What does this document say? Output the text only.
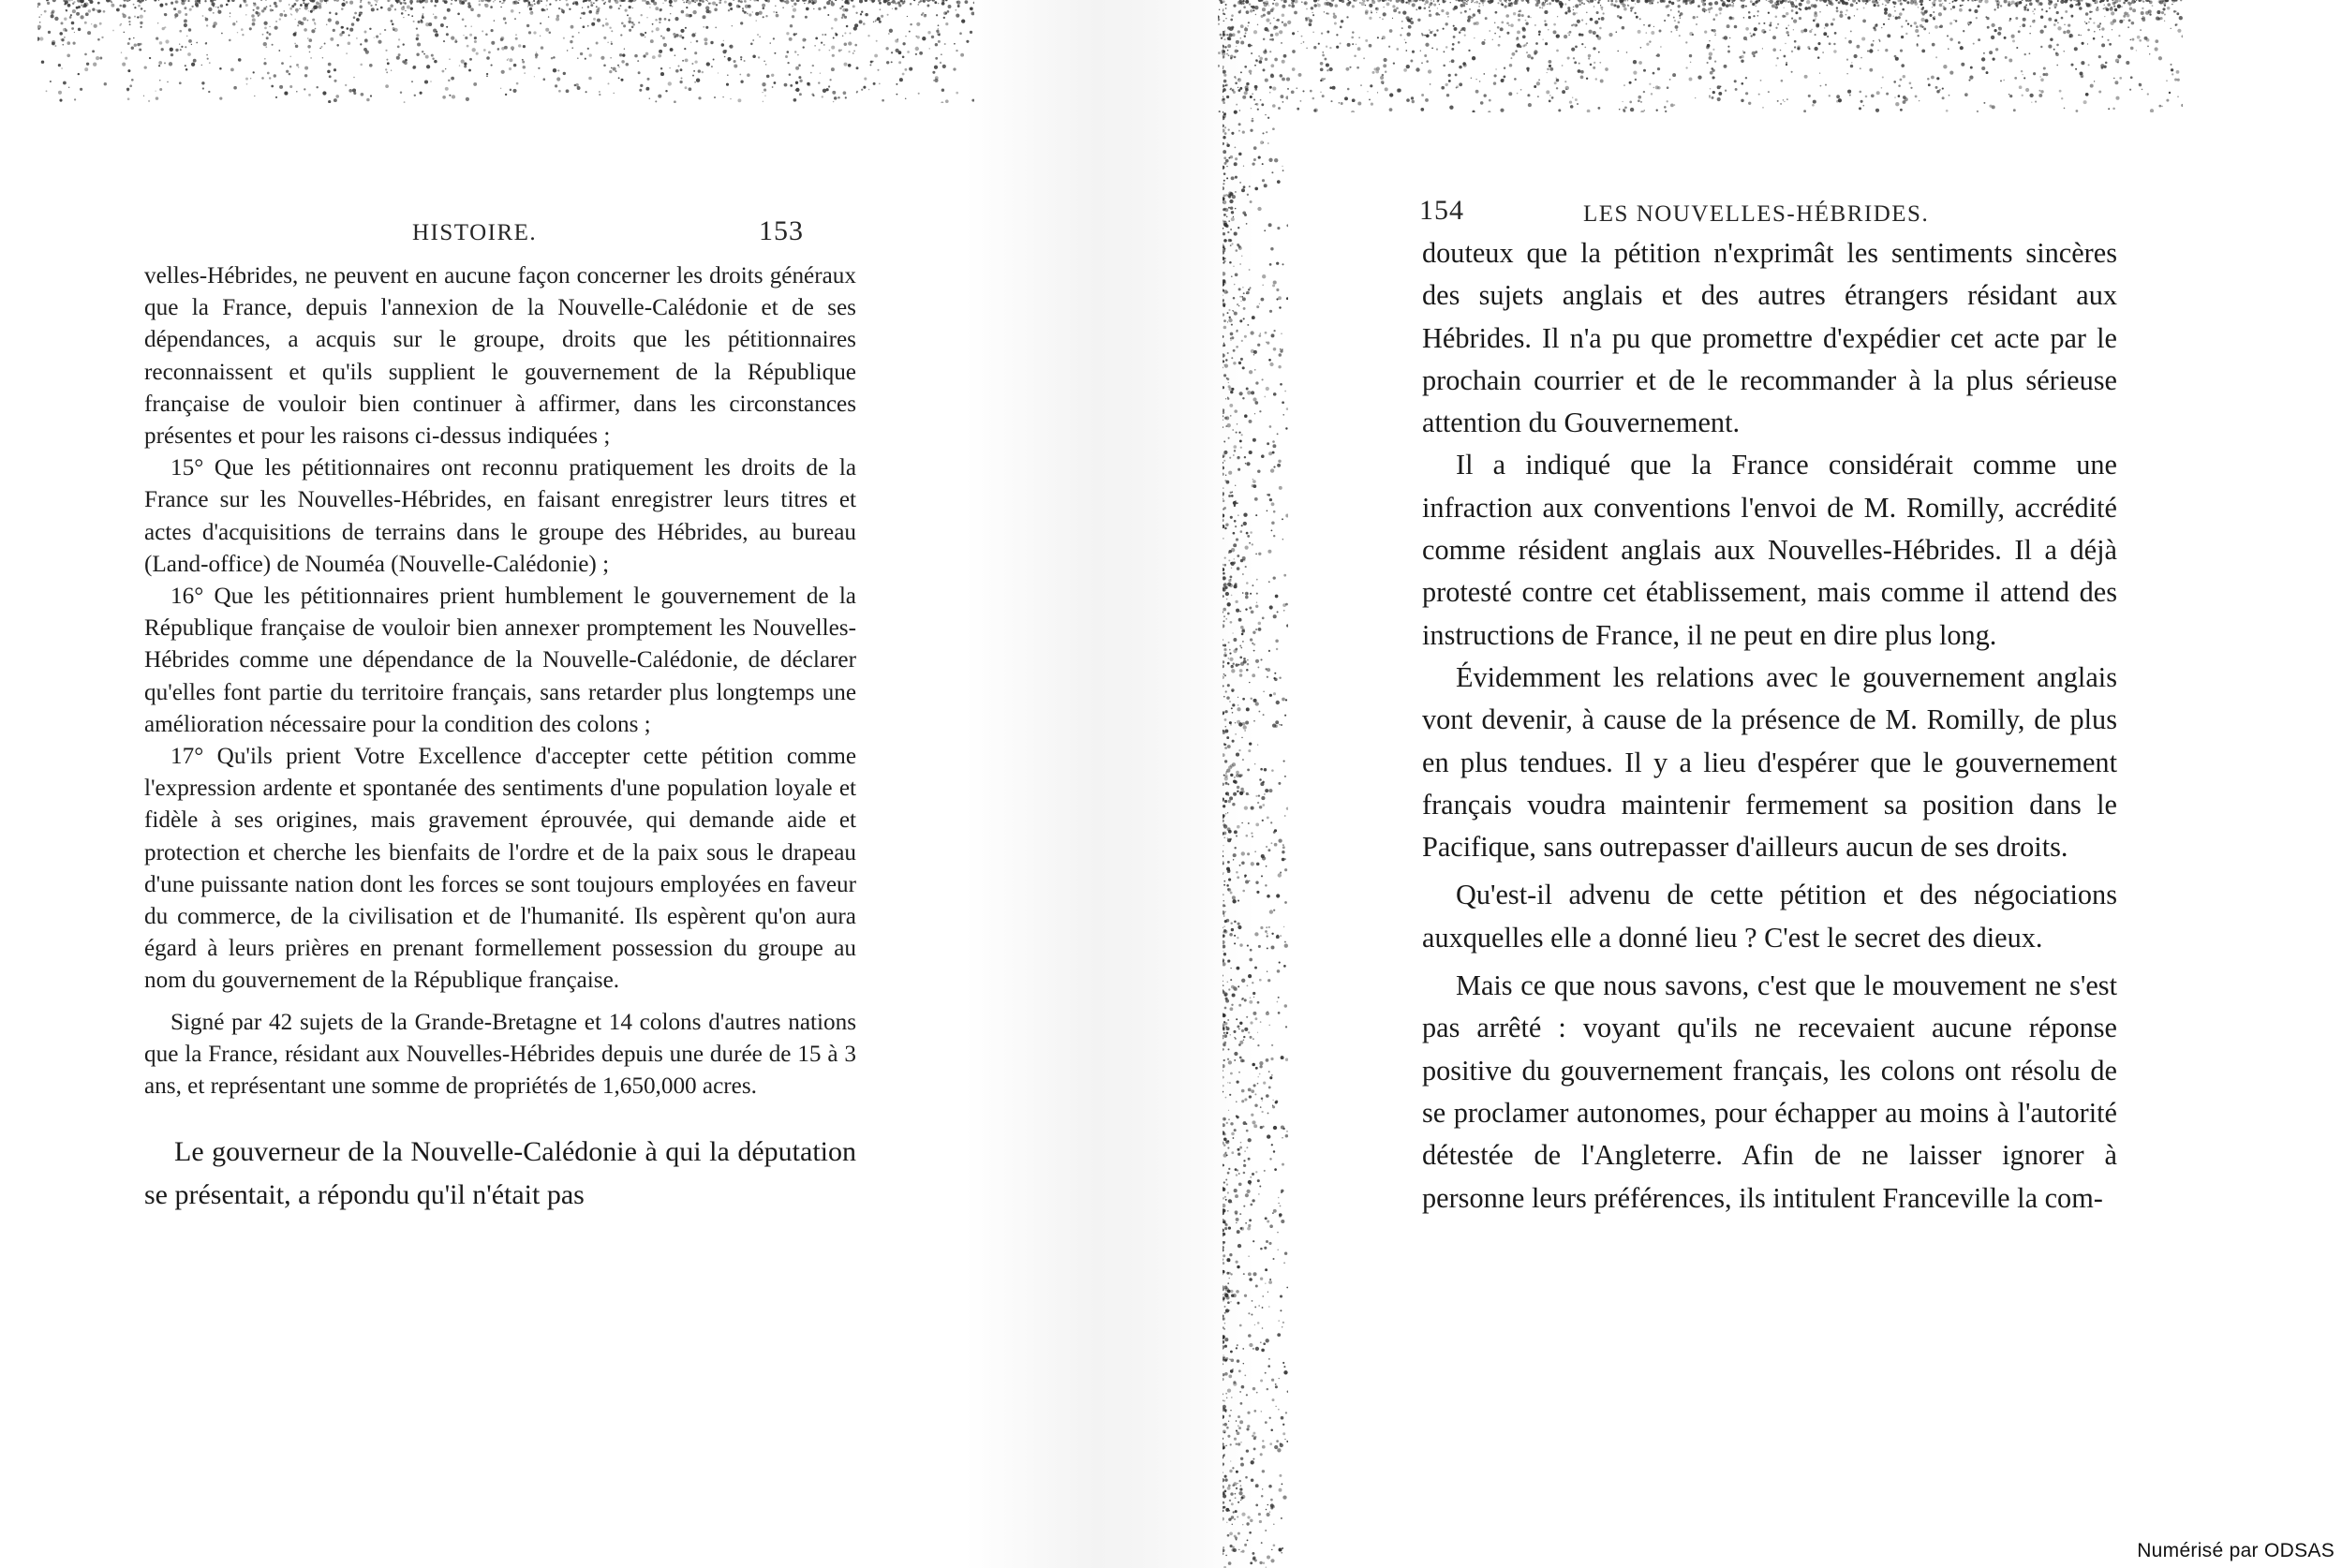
HISTOIRE.	153

velles-Hébrides, ne peuvent en aucune façon concerner les droits généraux que la France, depuis l'annexion de la Nouvelle-Calédonie et de ses dépendances, a acquis sur le groupe, droits que les pétitionnaires reconnaissent et qu'ils supplient le gouvernement de la République française de vouloir bien continuer à affirmer, dans les circonstances présentes et pour les raisons ci-dessus indiquées ;

15° Que les pétitionnaires ont reconnu pratiquement les droits de la France sur les Nouvelles-Hébrides, en faisant enregistrer leurs titres et actes d'acquisitions de terrains dans le groupe des Hébrides, au bureau (Land-office) de Nouméa (Nouvelle-Calédonie) ;

16° Que les pétitionnaires prient humblement le gouvernement de la République française de vouloir bien annexer promptement les Nouvelles-Hébrides comme une dépendance de la Nouvelle-Calédonie, de déclarer qu'elles font partie du territoire français, sans retarder plus longtemps une amélioration nécessaire pour la condition des colons ;

17° Qu'ils prient Votre Excellence d'accepter cette pétition comme l'expression ardente et spontanée des sentiments d'une population loyale et fidèle à ses origines, mais gravement éprouvée, qui demande aide et protection et cherche les bienfaits de l'ordre et de la paix sous le drapeau d'une puissante nation dont les forces se sont toujours employées en faveur du commerce, de la civilisation et de l'humanité. Ils espèrent qu'on aura égard à leurs prières en prenant formellement possession du groupe au nom du gouvernement de la République française.

Signé par 42 sujets de la Grande-Bretagne et 14 colons d'autres nations que la France, résidant aux Nouvelles-Hébrides depuis une durée de 15 à 3 ans, et représentant une somme de propriétés de 1,650,000 acres.

Le gouverneur de la Nouvelle-Calédonie à qui la députation se présentait, a répondu qu'il n'était pas

154	LES NOUVELLES-HÉBRIDES.

douteux que la pétition n'exprimât les sentiments sincères des sujets anglais et des autres étrangers résidant aux Hébrides. Il n'a pu que promettre d'expédier cet acte par le prochain courrier et de le recommander à la plus sérieuse attention du Gouvernement.

Il a indiqué que la France considérait comme une infraction aux conventions l'envoi de M. Romilly, accrédité comme résident anglais aux Nouvelles-Hébrides. Il a déjà protesté contre cet établissement, mais comme il attend des instructions de France, il ne peut en dire plus long.

Évidemment les relations avec le gouvernement anglais vont devenir, à cause de la présence de M. Romilly, de plus en plus tendues. Il y a lieu d'espérer que le gouvernement français voudra maintenir fermement sa position dans le Pacifique, sans outrepasser d'ailleurs aucun de ses droits.

Qu'est-il advenu de cette pétition et des négociations auxquelles elle a donné lieu ? C'est le secret des dieux.

Mais ce que nous savons, c'est que le mouvement ne s'est pas arrêté : voyant qu'ils ne recevaient aucune réponse positive du gouvernement français, les colons ont résolu de se proclamer autonomes, pour échapper au moins à l'autorité détestée de l'Angleterre. Afin de ne laisser ignorer à personne leurs préférences, ils intitulent Franceville la com-

Numérisé par ODSAS
